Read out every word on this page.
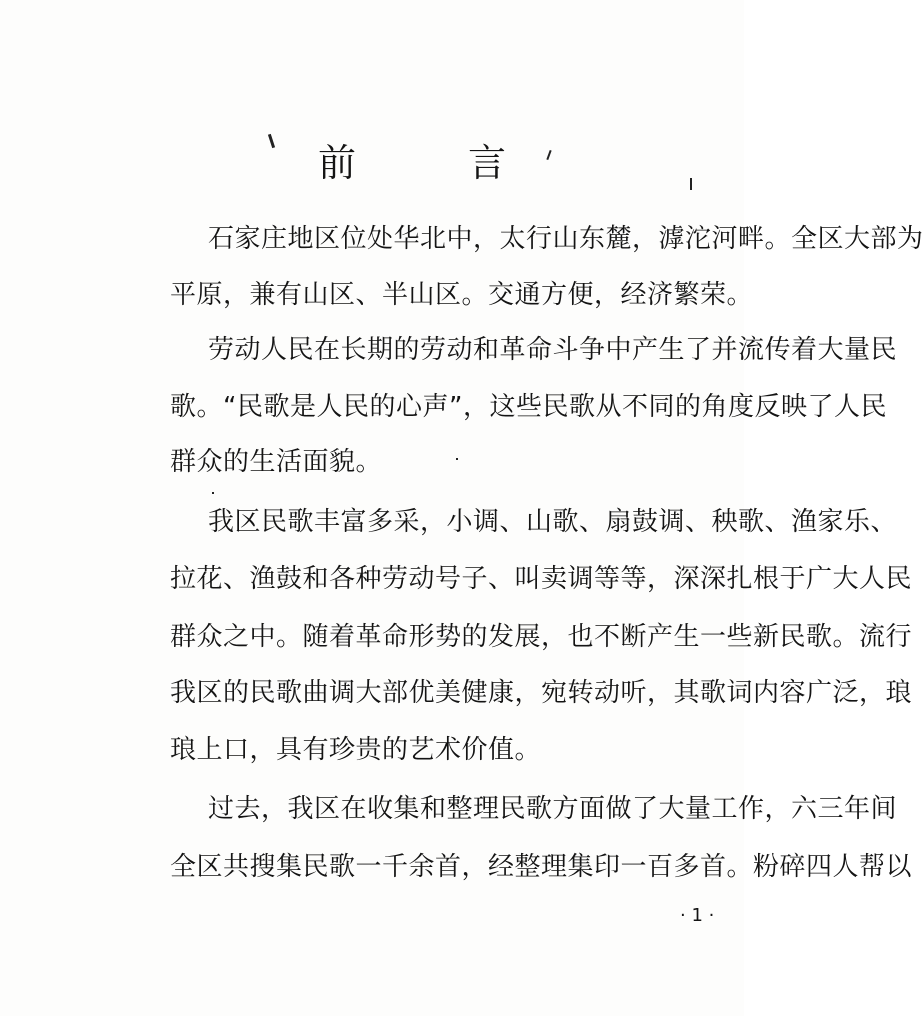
前	言
石家庄地区位处华北中，太行山东麓，滹沱河畔。全区大部为
平原，兼有山区、半山区。交通方便，经济繁荣。
劳动人民在长期的劳动和革命斗争中产生了并流传着大量民
歌。“民歌是人民的心声”，这些民歌从不同的角度反映了人民
群众的生活面貌。
我区民歌丰富多采，小调、山歌、扇鼓调、秧歌、渔家乐、
拉花、渔鼓和各种劳动号子、叫卖调等等，深深扎根于广大人民
群众之中。随着革命形势的发展，也不断产生一些新民歌。流行
我区的民歌曲调大部优美健康，宛转动听，其歌词内容广泛，琅
琅上口，具有珍贵的艺术价值。
过去，我区在收集和整理民歌方面做了大量工作，六三年间
全区共搜集民歌一千余首，经整理集印一百多首。粉碎四人帮以
· 1 ·
